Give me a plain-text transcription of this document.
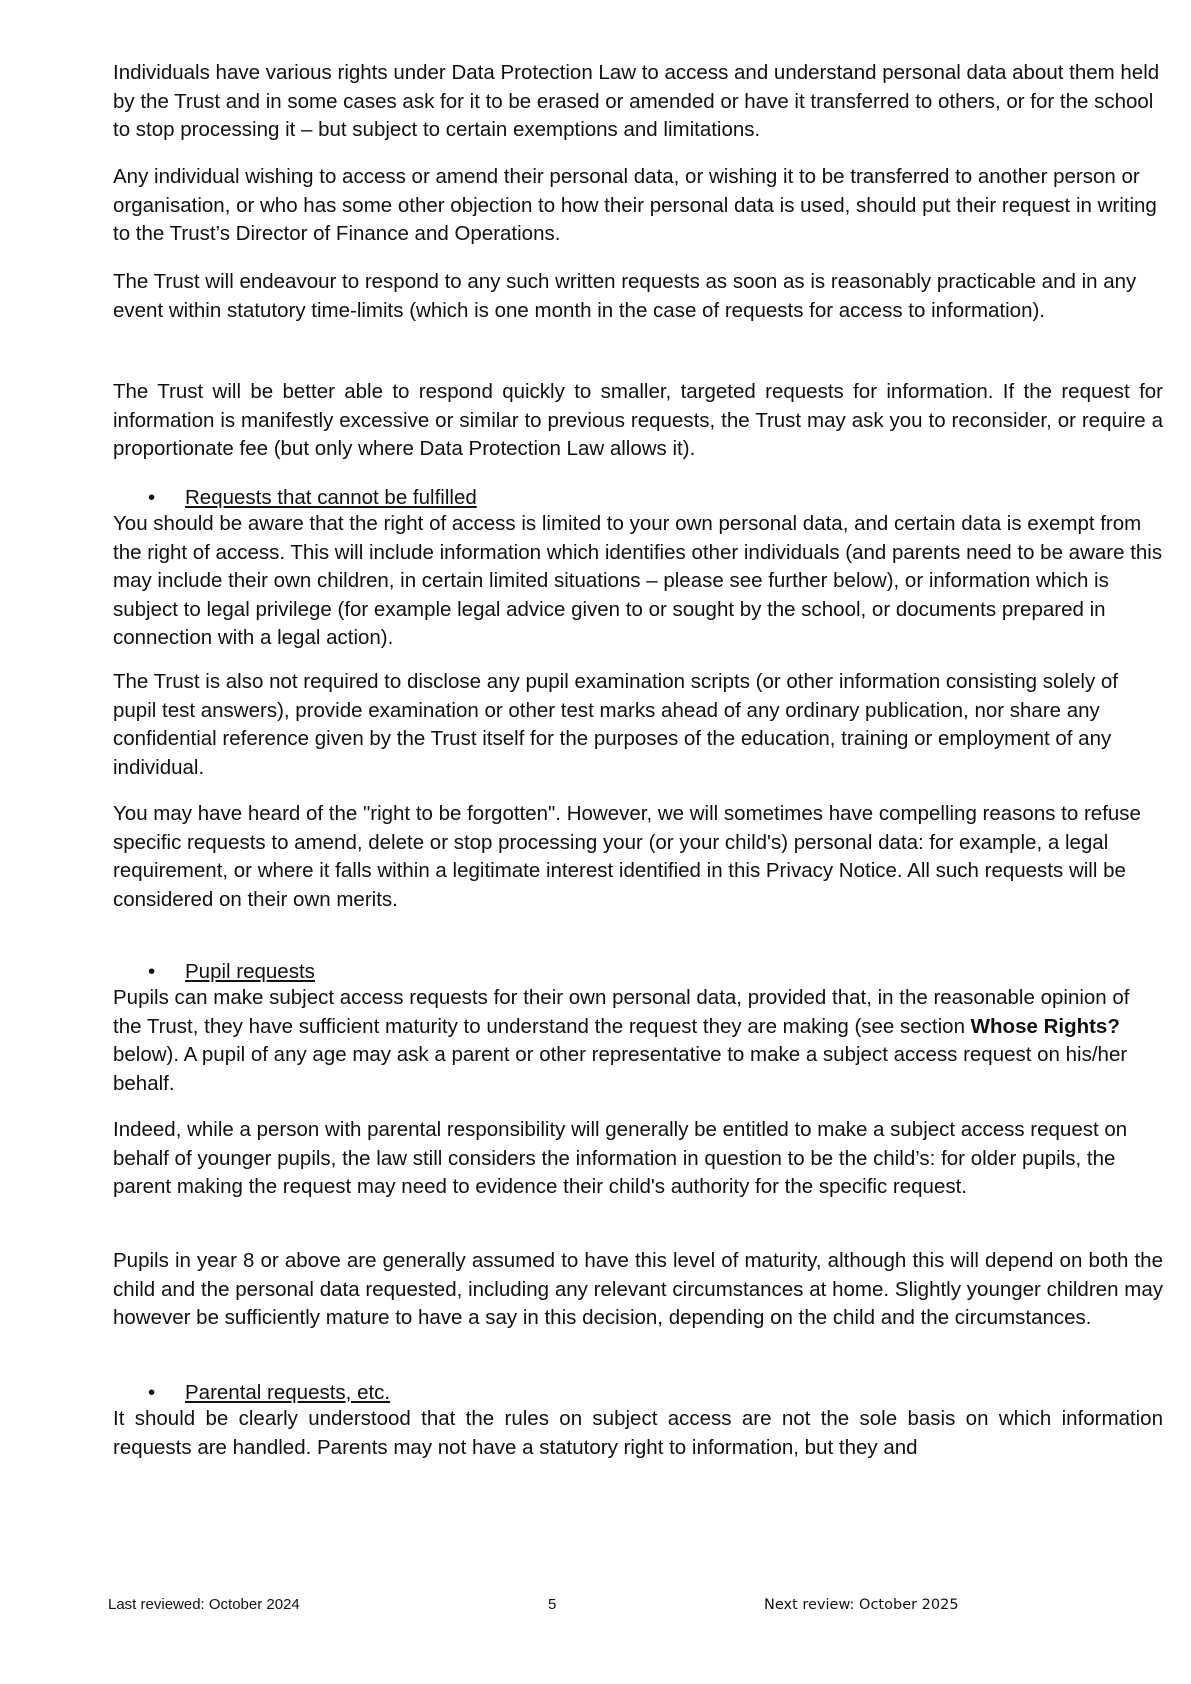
Individuals have various rights under Data Protection Law to access and understand personal data about them held by the Trust and in some cases ask for it to be erased or amended or have it transferred to others, or for the school to stop processing it – but subject to certain exemptions and limitations.

Any individual wishing to access or amend their personal data, or wishing it to be transferred to another person or organisation, or who has some other objection to how their personal data is used, should put their request in writing to the Trust’s Director of Finance and Operations.

The Trust will endeavour to respond to any such written requests as soon as is reasonably practicable and in any event within statutory time-limits (which is one month in the case of requests for access to information).

The Trust will be better able to respond quickly to smaller, targeted requests for information. If the request for information is manifestly excessive or similar to previous requests, the Trust may ask you to reconsider, or require a proportionate fee (but only where Data Protection Law allows it).

• Requests that cannot be fulfilled

You should be aware that the right of access is limited to your own personal data, and certain data is exempt from the right of access. This will include information which identifies other individuals (and parents need to be aware this may include their own children, in certain limited situations – please see further below), or information which is subject to legal privilege (for example legal advice given to or sought by the school, or documents prepared in connection with a legal action).

The Trust is also not required to disclose any pupil examination scripts (or other information consisting solely of pupil test answers), provide examination or other test marks ahead of any ordinary publication, nor share any confidential reference given by the Trust itself for the purposes of the education, training or employment of any individual.

You may have heard of the "right to be forgotten". However, we will sometimes have compelling reasons to refuse specific requests to amend, delete or stop processing your (or your child's) personal data: for example, a legal requirement, or where it falls within a legitimate interest identified in this Privacy Notice. All such requests will be considered on their own merits.

• Pupil requests

Pupils can make subject access requests for their own personal data, provided that, in the reasonable opinion of the Trust, they have sufficient maturity to understand the request they are making (see section Whose Rights? below). A pupil of any age may ask a parent or other representative to make a subject access request on his/her behalf.

Indeed, while a person with parental responsibility will generally be entitled to make a subject access request on behalf of younger pupils, the law still considers the information in question to be the child’s: for older pupils, the parent making the request may need to evidence their child's authority for the specific request.

Pupils in year 8 or above are generally assumed to have this level of maturity, although this will depend on both the child and the personal data requested, including any relevant circumstances at home. Slightly younger children may however be sufficiently mature to have a say in this decision, depending on the child and the circumstances.

• Parental requests, etc.

It should be clearly understood that the rules on subject access are not the sole basis on which information requests are handled. Parents may not have a statutory right to information, but they and

Last reviewed: October 2024	5	Next review: October 2025
